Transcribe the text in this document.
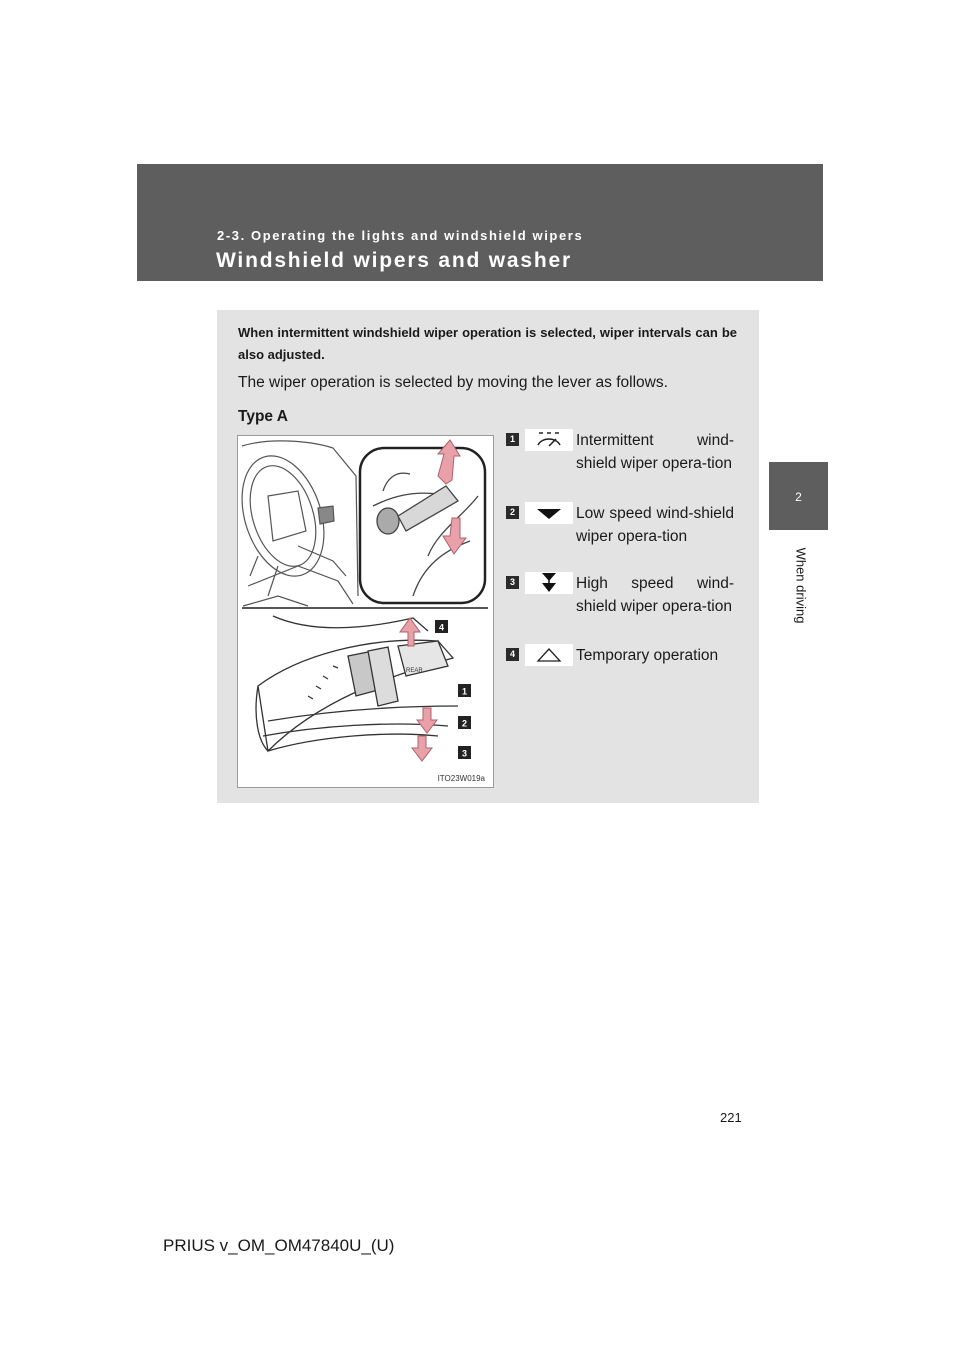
2-3. Operating the lights and windshield wipers
Windshield wipers and washer
2
When driving
When intermittent windshield wiper operation is selected, wiper intervals can be also adjusted.
The wiper operation is selected by moving the lever as follows.
Type A
4
1
2
3
REAR
ITO23W019a
1	Intermittent wind-shield wiper opera-tion
2	Low speed wind-shield wiper opera-tion
3	High speed wind-shield wiper opera-tion
4	Temporary operation
221
PRIUS v_OM_OM47840U_(U)
